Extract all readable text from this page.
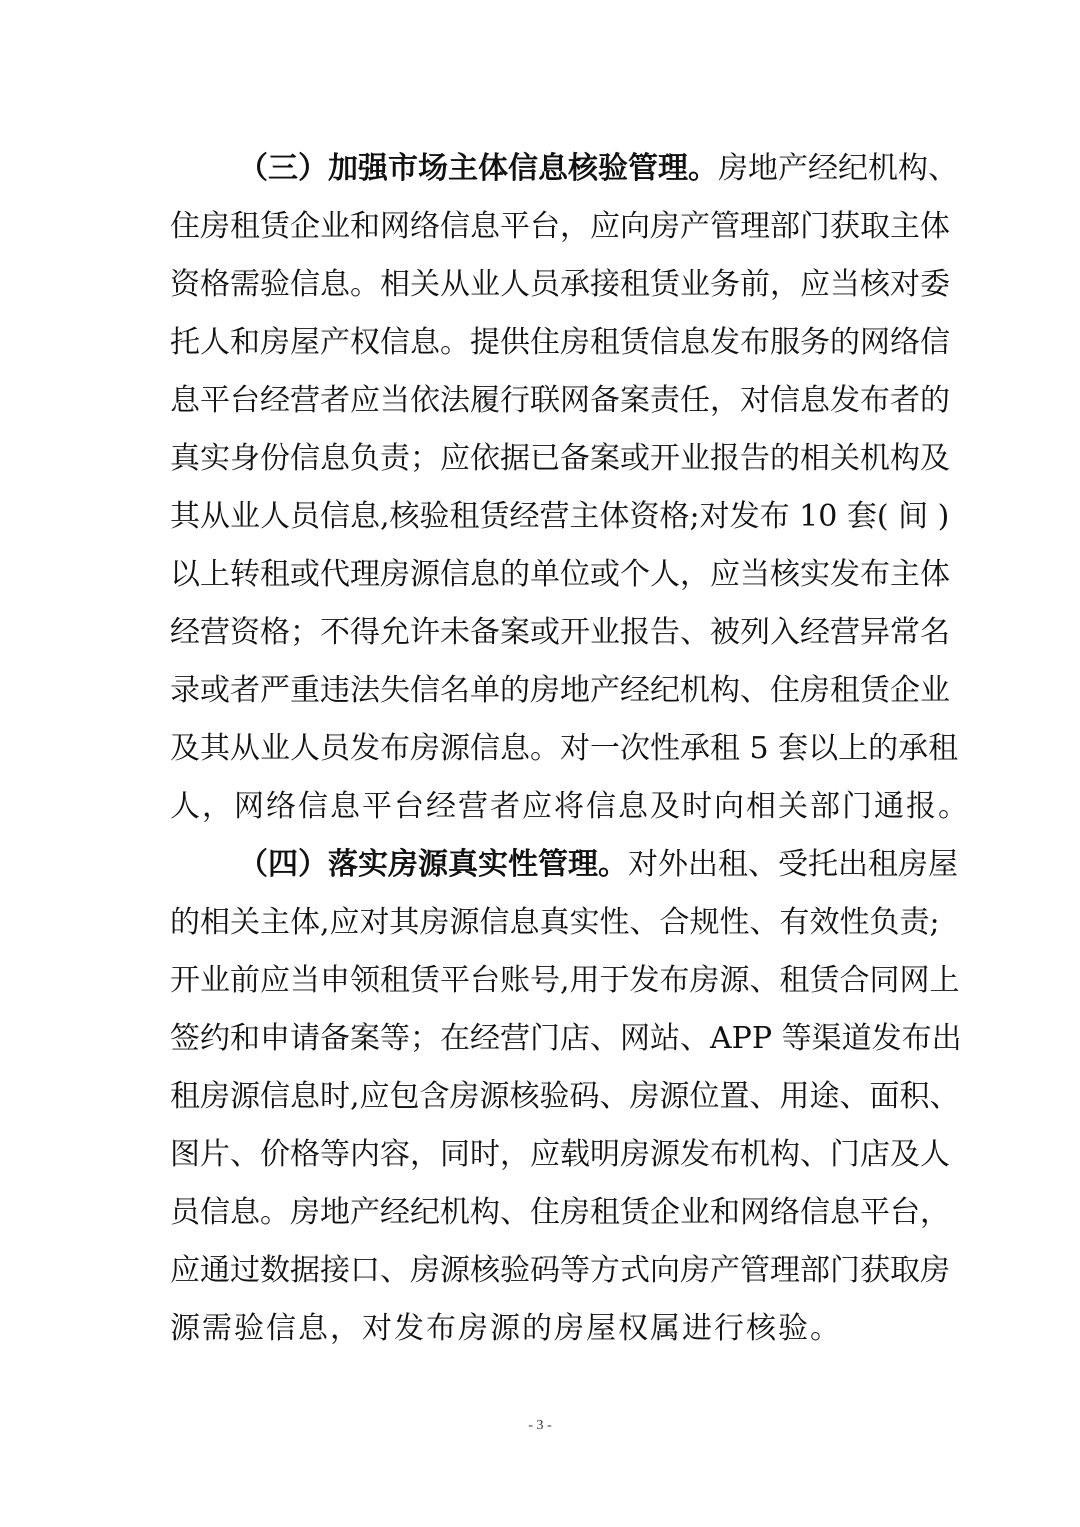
（三）加强市场主体信息核验管理。房地产经纪机构、
住房租赁企业和网络信息平台，应向房产管理部门获取主体
资格需验信息。相关从业人员承接租赁业务前，应当核对委
托人和房屋产权信息。提供住房租赁信息发布服务的网络信
息平台经营者应当依法履行联网备案责任，对信息发布者的
真实身份信息负责；应依据已备案或开业报告的相关机构及
其从业人员信息,核验租赁经营主体资格;对发布 10 套( 间 )
以上转租或代理房源信息的单位或个人，应当核实发布主体
经营资格；不得允许未备案或开业报告、被列入经营异常名
录或者严重违法失信名单的房地产经纪机构、住房租赁企业
及其从业人员发布房源信息。对一次性承租 5 套以上的承租
人，网络信息平台经营者应将信息及时向相关部门通报。
（四）落实房源真实性管理。对外出租、受托出租房屋
的相关主体,应对其房源信息真实性、合规性、有效性负责;
开业前应当申领租赁平台账号,用于发布房源、租赁合同网上
签约和申请备案等；在经营门店、网站、APP 等渠道发布出
租房源信息时,应包含房源核验码、房源位置、用途、面积、
图片、价格等内容，同时，应载明房源发布机构、门店及人
员信息。房地产经纪机构、住房租赁企业和网络信息平台，
应通过数据接口、房源核验码等方式向房产管理部门获取房
源需验信息，对发布房源的房屋权属进行核验。
- 3 -
